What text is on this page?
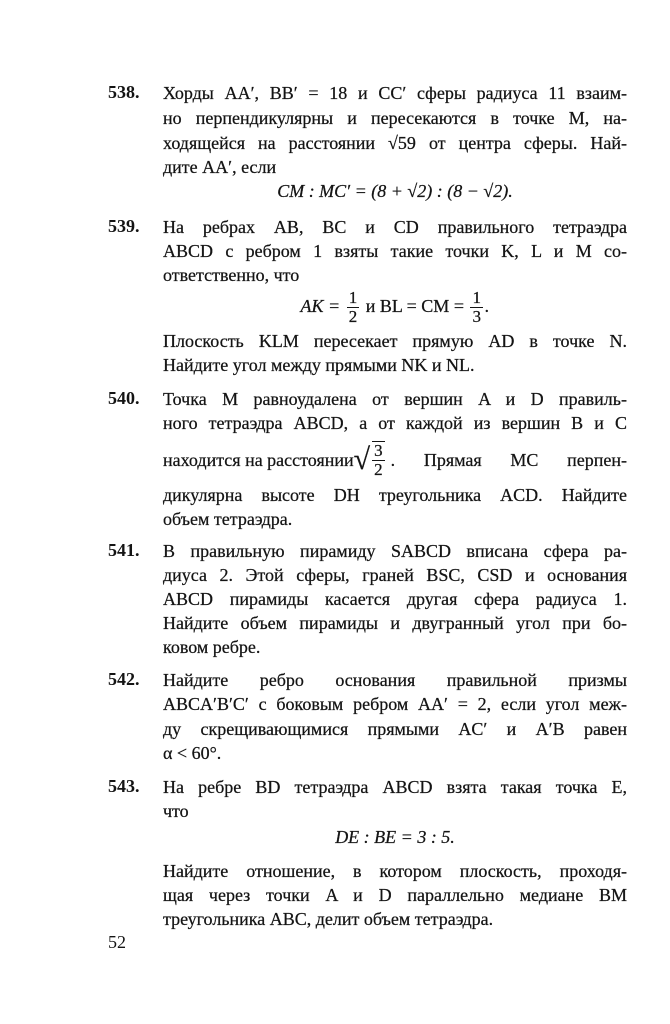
538. Хорды AA′, BB′ = 18 и CC′ сферы радиуса 11 взаим-
но перпендикулярны и пересекаются в точке M, на-
ходящейся на расстоянии √59 от центра сферы. Най-
дите AA′, если
CM : MC′ = (8 + √2) : (8 − √2).
539. На ребрах AB, BC и CD правильного тетраэдра
ABCD с ребром 1 взяты такие точки K, L и M со-
ответственно, что
AK = $\frac{1}{2}$ и BL = CM = $\frac{1}{3}$ .
Плоскость KLM пересекает прямую AD в точке N.
Найдите угол между прямыми NK и NL.
540. Точка M равноудалена от вершин A и D правиль-
ного тетраэдра ABCD, а от каждой из вершин B и C
находится на расстоянии √ $\frac{3}{2}$ . Прямая MC перпен-
дикулярна высоте DH треугольника ACD. Найдите
объем тетраэдра.
541. В правильную пирамиду SABCD вписана сфера ра-
диуса 2. Этой сферы, граней BSC, CSD и основания
ABCD пирамиды касается другая сфера радиуса 1.
Найдите объем пирамиды и двугранный угол при бо-
ковом ребре.
542. Найдите ребро основания правильной призмы
ABCA′B′C′ с боковым ребром AA′ = 2, если угол меж-
ду скрещивающимися прямыми AC′ и A′B равен
α < 60°.
543. На ребре BD тетраэдра ABCD взята такая точка E,
что
DE : BE = 3 : 5.
Найдите отношение, в котором плоскость, проходя-
щая через точки A и D параллельно медиане BM
треугольника ABC, делит объем тетраэдра.
52
